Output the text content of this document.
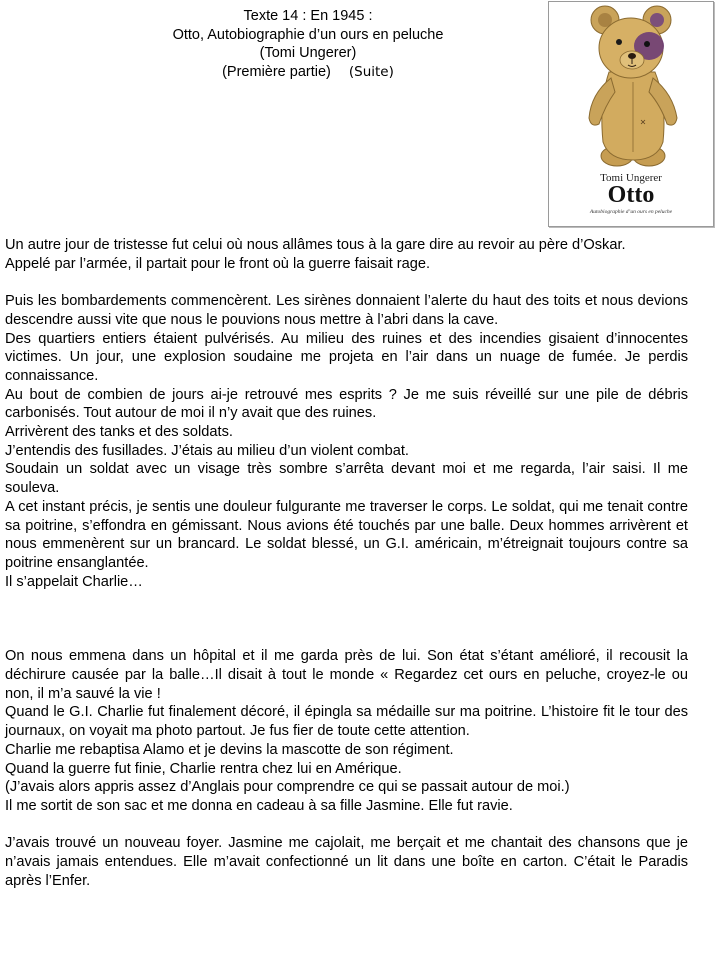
Texte 14 : En 1945 :
Otto, Autobiographie d’un ours en peluche
(Tomi Ungerer)
(Première partie) (Suite)
Tomi Ungerer
Otto
Autobiographie d’un ours en peluche

Un autre jour de tristesse fut celui où nous allâmes tous à la gare dire au revoir au père d’Oskar.

Appelé par l’armée, il partait pour le front où la guerre faisait rage.

Puis les bombardements commencèrent. Les sirènes donnaient l’alerte du haut des toits et nous devions descendre aussi vite que nous le pouvions nous mettre à l’abri dans la cave.

Des quartiers entiers étaient pulvérisés. Au milieu des ruines et des incendies gisaient d’innocentes victimes. Un jour, une explosion soudaine me projeta en l’air dans un nuage de fumée. Je perdis connaissance.

Au bout de combien de jours ai-je retrouvé mes esprits ? Je me suis réveillé sur une pile de débris carbonisés. Tout autour de moi il n’y avait que des ruines.

Arrivèrent des tanks et des soldats.

J’entendis des fusillades. J’étais au milieu d’un violent combat.

Soudain un soldat avec un visage très sombre s’arrêta devant moi et me regarda, l’air saisi. Il me souleva.

A cet instant précis, je sentis une douleur fulgurante me traverser le corps. Le soldat, qui me tenait contre sa poitrine, s’effondra en gémissant. Nous avions été touchés par une balle. Deux hommes arrivèrent et nous emmenèrent sur un brancard. Le soldat blessé, un G.I. américain, m’étreignait toujours contre sa poitrine ensanglantée.

Il s’appelait Charlie…

On nous emmena dans un hôpital et il me garda près de lui. Son état s’étant amélioré, il recousit la déchirure causée par la balle…Il disait à tout le monde « Regardez cet ours en peluche, croyez-le ou non, il m’a sauvé la vie !

Quand le G.I. Charlie fut finalement décoré, il épingla sa médaille sur ma poitrine. L’histoire fit le tour des journaux, on voyait ma photo partout. Je fus fier de toute cette attention.

Charlie me rebaptisa Alamo et je devins la mascotte de son régiment.

Quand la guerre fut finie, Charlie rentra chez lui en Amérique.

(J’avais alors appris assez d’Anglais pour comprendre ce qui se passait autour de moi.)

Il me sortit de son sac et me donna en cadeau à sa fille Jasmine. Elle fut ravie.

J’avais trouvé un nouveau foyer. Jasmine me cajolait, me berçait et me chantait des chansons que je n’avais jamais entendues. Elle m’avait confectionné un lit dans une boîte en carton. C’était le Paradis après l’Enfer.
